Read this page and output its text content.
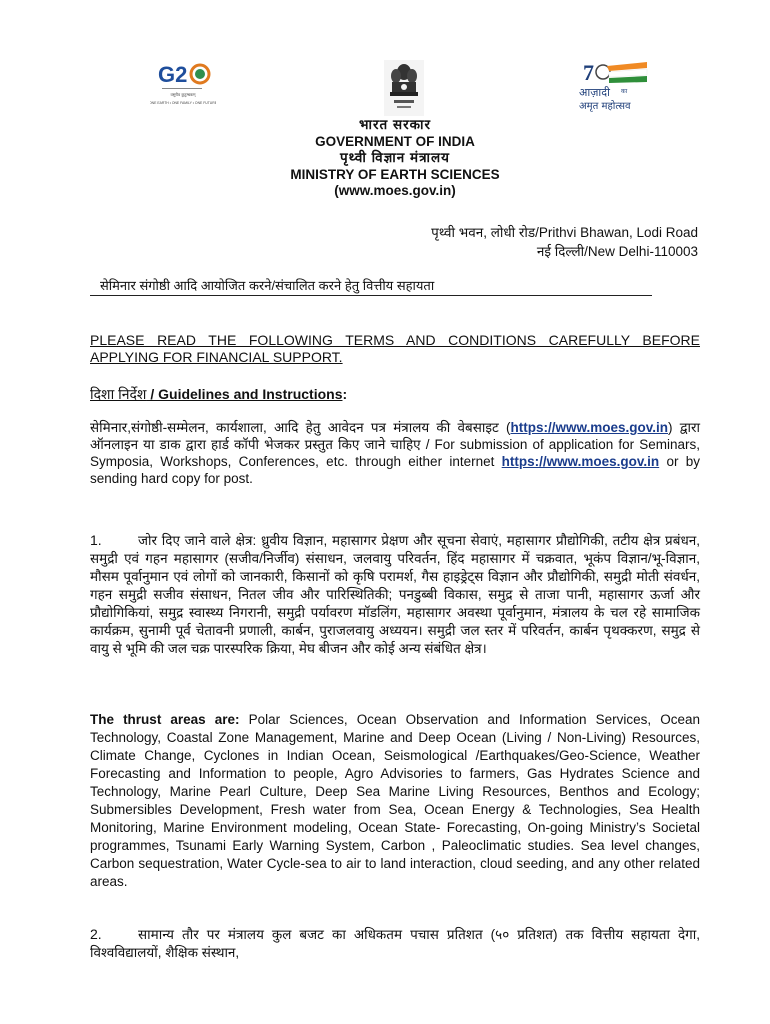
G2
वसुधैव कुटुम्बकम्
ONE EARTH • ONE FAMILY • ONE FUTURE
7
आज़ादी का
अमृत महोत्सव
भारत सरकार
GOVERNMENT OF INDIA
पृथ्वी विज्ञान मंत्रालय
MINISTRY OF EARTH SCIENCES
(www.moes.gov.in)
पृथ्वी भवन, लोधी रोड/Prithvi Bhawan, Lodi Road
नई दिल्ली/New Delhi-110003
सेमिनार संगोष्ठी आदि आयोजित करने/संचालित करने हेतु वित्तीय सहायता
PLEASE READ THE FOLLOWING TERMS AND CONDITIONS CAREFULLY BEFORE APPLYING FOR FINANCIAL SUPPORT.
दिशा निर्देश / Guidelines and Instructions:
सेमिनार,संगोष्ठी-सम्मेलन, कार्यशाला, आदि हेतु आवेदन पत्र मंत्रालय की वेबसाइट (https://www.moes.gov.in) द्वारा ऑनलाइन या डाक द्वारा हार्ड कॉपी भेजकर प्रस्तुत किए जाने चाहिए / For submission of application for Seminars, Symposia, Workshops, Conferences, etc. through either internet https://www.moes.gov.in or by sending hard copy for post.
1.	जोर दिए जाने वाले क्षेत्र: ध्रुवीय विज्ञान, महासागर प्रेक्षण और सूचना सेवाएं, महासागर प्रौद्योगिकी, तटीय क्षेत्र प्रबंधन, समुद्री एवं गहन महासागर (सजीव/निर्जीव) संसाधन, जलवायु परिवर्तन, हिंद महासागर में चक्रवात, भूकंप विज्ञान/भू-विज्ञान, मौसम पूर्वानुमान एवं लोगों को जानकारी, किसानों को कृषि परामर्श, गैस हाइड्रेट्स विज्ञान और प्रौद्योगिकी, समुद्री मोती संवर्धन, गहन समुद्री सजीव संसाधन, नितल जीव और पारिस्थितिकी; पनडुब्बी विकास, समुद्र से ताजा पानी, महासागर ऊर्जा और प्रौद्योगिकियां, समुद्र स्वास्थ्य निगरानी, समुद्री पर्यावरण मॉडलिंग, महासागर अवस्था पूर्वानुमान, मंत्रालय के चल रहे सामाजिक कार्यक्रम, सुनामी पूर्व चेतावनी प्रणाली, कार्बन, पुराजलवायु अध्ययन। समुद्री जल स्तर में परिवर्तन, कार्बन पृथक्करण, समुद्र से वायु से भूमि की जल चक्र पारस्परिक क्रिया, मेघ बीजन और कोई अन्य संबंधित क्षेत्र।
The thrust areas are: Polar Sciences, Ocean Observation and Information Services, Ocean Technology, Coastal Zone Management, Marine and Deep Ocean (Living / Non-Living) Resources, Climate Change, Cyclones in Indian Ocean, Seismological /Earthquakes/Geo-Science, Weather Forecasting and Information to people, Agro Advisories to farmers, Gas Hydrates Science and Technology, Marine Pearl Culture, Deep Sea Marine Living Resources, Benthos and Ecology; Submersibles Development, Fresh water from Sea, Ocean Energy & Technologies, Sea Health Monitoring, Marine Environment modeling, Ocean State- Forecasting, On-going Ministry’s Societal programmes, Tsunami Early Warning System, Carbon , Paleoclimatic studies. Sea level changes, Carbon sequestration, Water Cycle-sea to air to land interaction, cloud seeding, and any other related areas.
2.	सामान्य तौर पर मंत्रालय कुल बजट का अधिकतम पचास प्रतिशत (५० प्रतिशत) तक वित्तीय सहायता देगा, विश्वविद्यालयों, शैक्षिक संस्थान,
